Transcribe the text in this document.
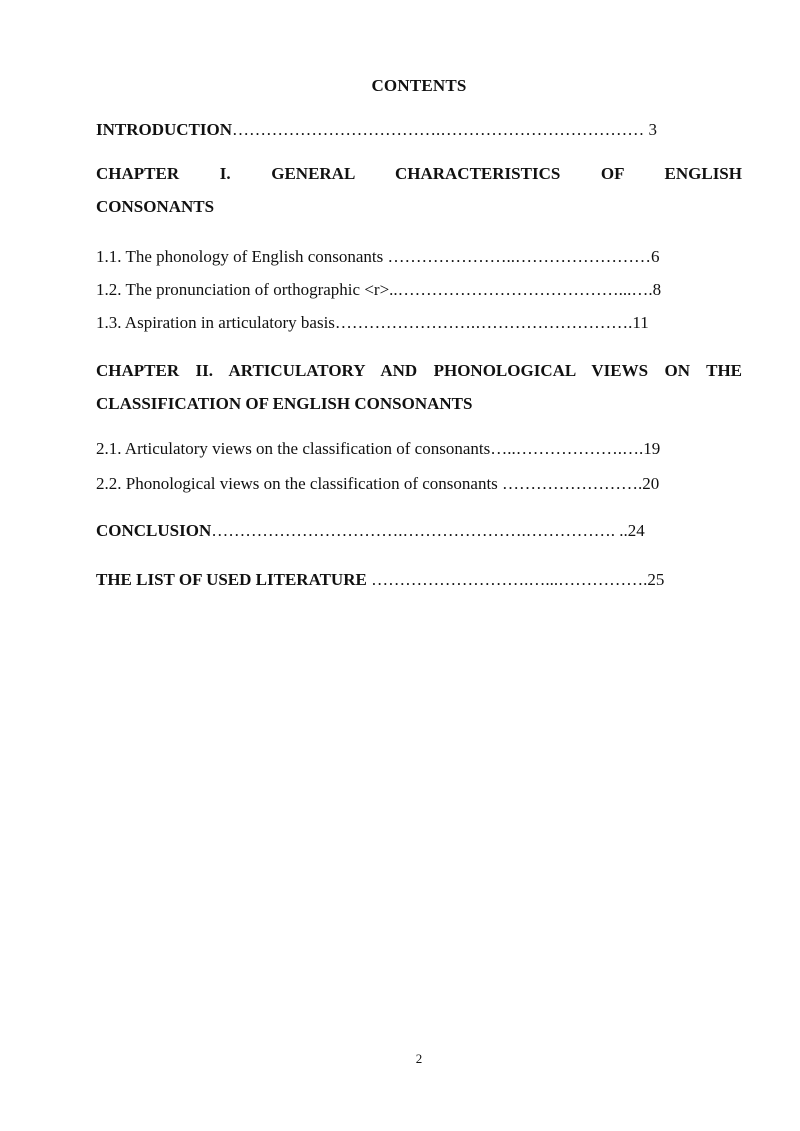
CONTENTS
INTRODUCTION……………………………….……………………………… 3
CHAPTER I. GENERAL CHARACTERISTICS OF ENGLISH
CONSONANTS
1.1. The phonology of English consonants …………………..……………………6
1.2. The pronunciation of orthographic <r>..…………………………………...….8
1.3. Aspiration in articulatory basis…………………….……………………….11
CHAPTER II. ARTICULATORY AND PHONOLOGICAL VIEWS ON THE
CLASSIFICATION OF ENGLISH CONSONANTS
2.1. Articulatory views on the classification of consonants…..……………….….19
2.2. Phonological views on the classification of consonants …………………….20
CONCLUSION…………………………….………………….……………. ..24
THE LIST OF USED LITERATURE ……………………….…...…………….25
2
